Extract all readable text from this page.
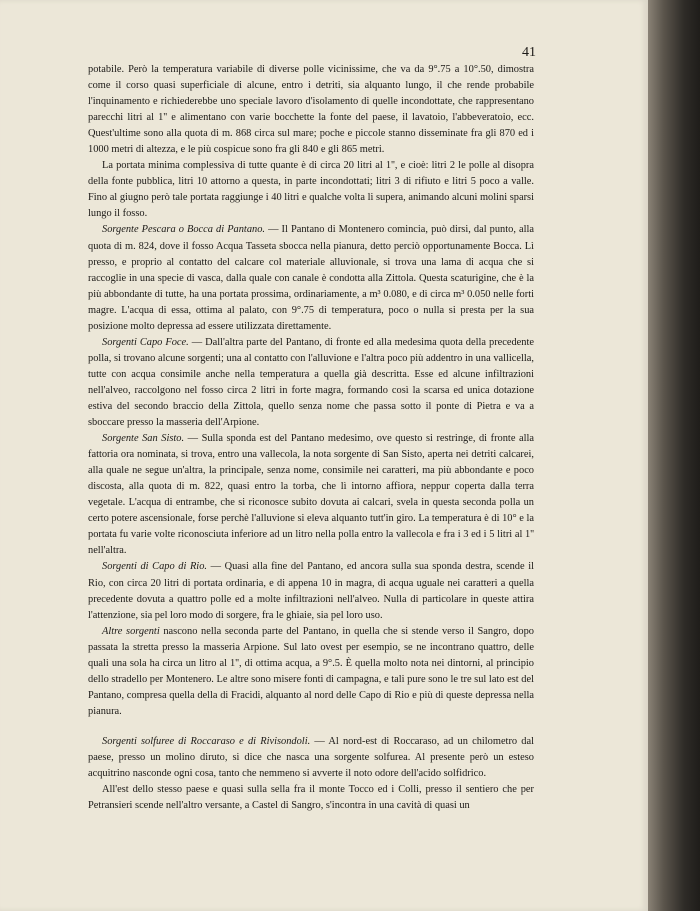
41

potabile. Però la temperatura variabile di diverse polle vicinissime, che va da 9°.75 a 10°.50, dimostra come il corso quasi superficiale di alcune, entro i detriti, sia alquanto lungo, il che rende probabile l'inquinamento e richiederebbe uno speciale lavoro d'isolamento di quelle incondottate, che rappresentano parecchi litri al 1'' e alimentano con varie bocchette la fonte del paese, il lavatoio, l'abbeveratoio, ecc. Quest'ultime sono alla quota di m. 868 circa sul mare; poche e piccole stanno disseminate fra gli 870 ed i 1000 metri di altezza, e le più cospicue sono fra gli 840 e gli 865 metri.

La portata minima complessiva di tutte quante è di circa 20 litri al 1'', e cioè: litri 2 le polle al disopra della fonte pubblica, litri 10 attorno a questa, in parte incondottati; litri 3 di rifiuto e litri 5 poco a valle. Fino al giugno però tale portata raggiunge i 40 litri e qualche volta li supera, animando alcuni molini sparsi lungo il fosso.

Sorgente Pescara o Bocca di Pantano. — Il Pantano di Montenero comincia, può dirsi, dal punto, alla quota di m. 824, dove il fosso Acqua Tasseta sbocca nella pianura, detto perciò opportunamente Bocca. Lì presso, e proprio al contatto del calcare col materiale alluvionale, si trova una lama di acqua che si raccoglie in una specie di vasca, dalla quale con canale è condotta alla Zittola. Questa scaturigine, che è la più abbondante di tutte, ha una portata prossima, ordinariamente, a m³ 0.080, e di circa m³ 0.050 nelle forti magre. L'acqua di essa, ottima al palato, con 9°.75 di temperatura, poco o nulla si presta per la sua posizione molto depressa ad essere utilizzata direttamente.

Sorgenti Capo Foce. — Dall'altra parte del Pantano, di fronte ed alla medesima quota della precedente polla, si trovano alcune sorgenti; una al contatto con l'alluvione e l'altra poco più addentro in una vallicella, tutte con acqua consimile anche nella temperatura a quella già descritta. Esse ed alcune infiltrazioni nell'alveo, raccolgono nel fosso circa 2 litri in forte magra, formando così la scarsa ed unica dotazione estiva del secondo braccio della Zittola, quello senza nome che passa sotto il ponte di Pietra e va a sboccare presso la masseria dell'Arpione.

Sorgente San Sisto. — Sulla sponda est del Pantano medesimo, ove questo si restringe, di fronte alla fattoria ora nominata, si trova, entro una vallecola, la nota sorgente di San Sisto, aperta nei detriti calcarei, alla quale ne segue un'altra, la principale, senza nome, consimile nei caratteri, ma più abbondante e poco discosta, alla quota di m. 822, quasi entro la torba, che lì intorno affiora, neppur coperta dalla terra vegetale. L'acqua di entrambe, che si riconosce subito dovuta ai calcari, svela in questa seconda polla un certo potere ascensionale, forse perchè l'alluvione si eleva alquanto tutt'in giro. La temperatura è di 10° e la portata fu varie volte riconosciuta inferiore ad un litro nella polla entro la vallecola e fra i 3 ed i 5 litri al 1'' nell'altra.

Sorgenti di Capo di Rio. — Quasi alla fine del Pantano, ed ancora sulla sua sponda destra, scende il Rio, con circa 20 litri di portata ordinaria, e di appena 10 in magra, di acqua uguale nei caratteri a quella precedente dovuta a quattro polle ed a molte infiltrazioni nell'alveo. Nulla di particolare in queste attira l'attenzione, sia pel loro modo di sorgere, fra le ghiaie, sia pel loro uso.

Altre sorgenti nascono nella seconda parte del Pantano, in quella che si stende verso il Sangro, dopo passata la stretta presso la masseria Arpione. Sul lato ovest per esempio, se ne incontrano quattro, delle quali una sola ha circa un litro al 1'', di ottima acqua, a 9°.5. È quella molto nota nei dintorni, al principio dello stradello per Montenero. Le altre sono misere fonti di campagna, e tali pure sono le tre sul lato est del Pantano, compresa quella della di Fracidi, alquanto al nord delle Capo di Rio e più di queste depressa nella pianura.

Sorgenti solfuree di Roccaraso e di Rivisondoli. — Al nord-est di Roccaraso, ad un chilometro dal paese, presso un molino diruto, si dice che nasca una sorgente solfurea. Al presente però un esteso acquitrino nasconde ogni cosa, tanto che nemmeno si avverte il noto odore dell'acido solfidrico.

All'est dello stesso paese e quasi sulla sella fra il monte Tocco ed i Colli, presso il sentiero che per Petransieri scende nell'altro versante, a Castel di Sangro, s'incontra in una cavità di quasi un
